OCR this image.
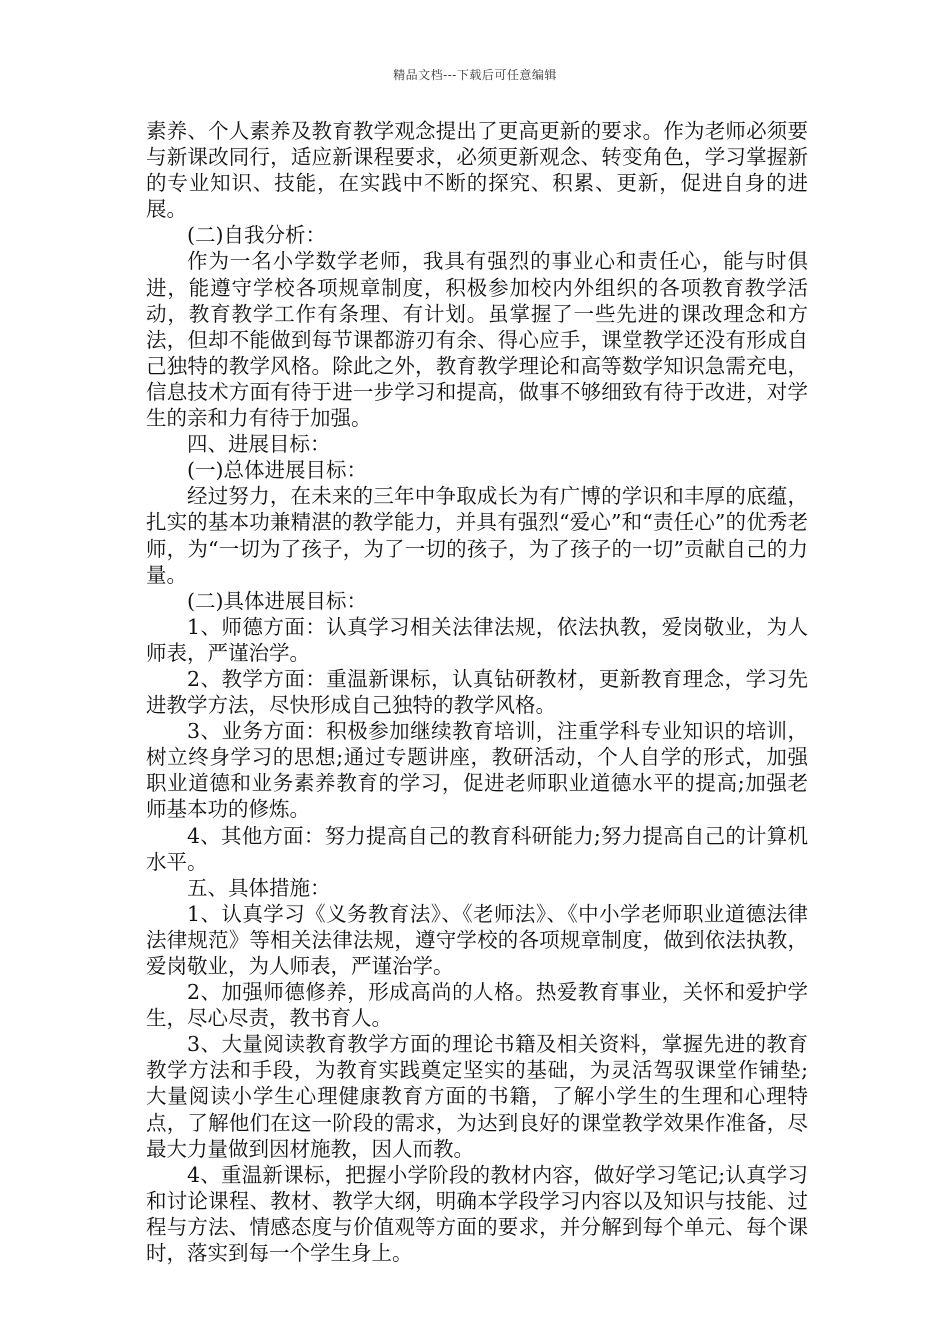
精品文档---下载后可任意编辑

素养、个人素养及教育教学观念提出了更高更新的要求。作为老师必须要与新课改同行，适应新课程要求，必须更新观念、转变角色，学习掌握新的专业知识、技能，在实践中不断的探究、积累、更新，促进自身的进展。

(二)自我分析：

作为一名小学数学老师，我具有强烈的事业心和责任心，能与时俱进，能遵守学校各项规章制度，积极参加校内外组织的各项教育教学活动，教育教学工作有条理、有计划。虽掌握了一些先进的课改理念和方法，但却不能做到每节课都游刃有余、得心应手，课堂教学还没有形成自己独特的教学风格。除此之外，教育教学理论和高等数学知识急需充电，信息技术方面有待于进一步学习和提高，做事不够细致有待于改进，对学生的亲和力有待于加强。

四、进展目标：

(一)总体进展目标：

经过努力，在未来的三年中争取成长为有广博的学识和丰厚的底蕴，扎实的基本功兼精湛的教学能力，并具有强烈“爱心”和“责任心”的优秀老师，为“一切为了孩子，为了一切的孩子，为了孩子的一切”贡献自己的力量。

(二)具体进展目标：

1、师德方面：认真学习相关法律法规，依法执教，爱岗敬业，为人师表，严谨治学。

2、教学方面：重温新课标，认真钻研教材，更新教育理念，学习先进教学方法，尽快形成自己独特的教学风格。

3、业务方面：积极参加继续教育培训，注重学科专业知识的培训，树立终身学习的思想;通过专题讲座，教研活动，个人自学的形式，加强职业道德和业务素养教育的学习，促进老师职业道德水平的提高;加强老师基本功的修炼。

4、其他方面：努力提高自己的教育科研能力;努力提高自己的计算机水平。

五、具体措施：

1、认真学习《义务教育法》、《老师法》、《中小学老师职业道德法律法律规范》等相关法律法规，遵守学校的各项规章制度，做到依法执教，爱岗敬业，为人师表，严谨治学。

2、加强师德修养，形成高尚的人格。热爱教育事业，关怀和爱护学生，尽心尽责，教书育人。

3、大量阅读教育教学方面的理论书籍及相关资料，掌握先进的教育教学方法和手段，为教育实践奠定坚实的基础，为灵活驾驭课堂作铺垫;大量阅读小学生心理健康教育方面的书籍，了解小学生的生理和心理特点，了解他们在这一阶段的需求，为达到良好的课堂教学效果作准备，尽最大力量做到因材施教，因人而教。

4、重温新课标，把握小学阶段的教材内容，做好学习笔记;认真学习和讨论课程、教材、教学大纲，明确本学段学习内容以及知识与技能、过程与方法、情感态度与价值观等方面的要求，并分解到每个单元、每个课时，落实到每一个学生身上。
